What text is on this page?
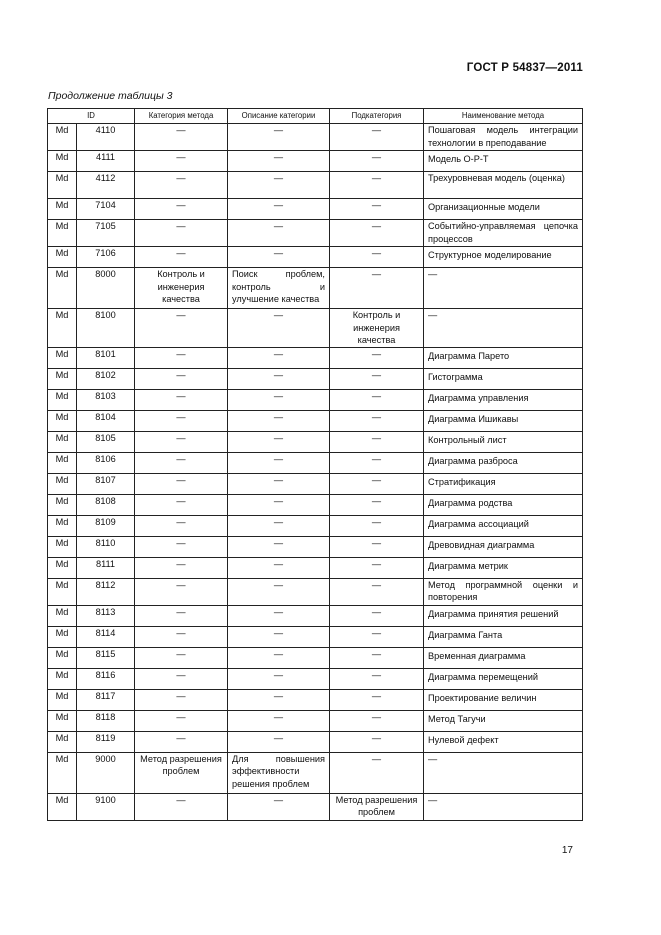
ГОСТ Р 54837—2011
Продолжение таблицы 3
ID		Категория метода	Описание категории	Подкатегория	Наименование метода
Md	4110	—	—	—	Пошаговая модель интеграции технологии в преподавание
Md	4111	—	—	—	Модель O-P-T
Md	4112	—	—	—	Трехуровневая модель (оценка)
Md	7104	—	—	—	Организационные модели
Md	7105	—	—	—	Событийно-управляемая цепочка процессов
Md	7106	—	—	—	Структурное моделирование
Md	8000	Контроль и инженерия качества	Поиск проблем, контроль и улучшение качества	—	—
Md	8100	—	—	Контроль и инженерия качества	—
Md	8101	—	—	—	Диаграмма Парето
Md	8102	—	—	—	Гистограмма
Md	8103	—	—	—	Диаграмма управления
Md	8104	—	—	—	Диаграмма Ишикавы
Md	8105	—	—	—	Контрольный лист
Md	8106	—	—	—	Диаграмма разброса
Md	8107	—	—	—	Стратификация
Md	8108	—	—	—	Диаграмма родства
Md	8109	—	—	—	Диаграмма ассоциаций
Md	8110	—	—	—	Древовидная диаграмма
Md	8111	—	—	—	Диаграмма метрик
Md	8112	—	—	—	Метод программной оценки и повторения
Md	8113	—	—	—	Диаграмма принятия решений
Md	8114	—	—	—	Диаграмма Ганта
Md	8115	—	—	—	Временная диаграмма
Md	8116	—	—	—	Диаграмма перемещений
Md	8117	—	—	—	Проектирование величин
Md	8118	—	—	—	Метод Тагучи
Md	8119	—	—	—	Нулевой дефект
Md	9000	Метод разрешения проблем	Для повышения эффективности решения проблем	—	—
Md	9100	—	—	Метод разрешения проблем	—
17
